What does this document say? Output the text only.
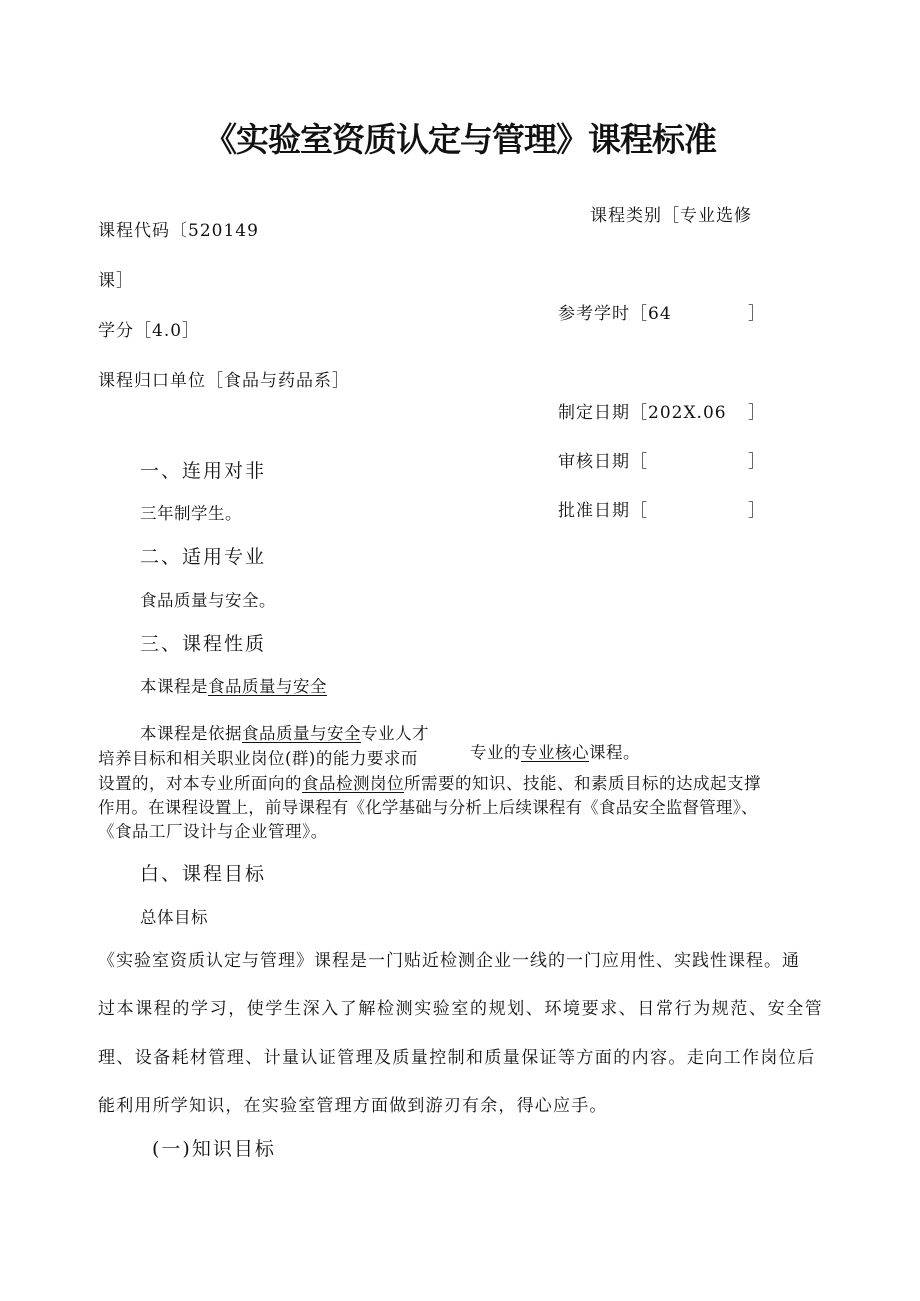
《实验室资质认定与管理》课程标准
课程类别［专业选修
课程代码〔520149
课］
学分［4.0］
参考学时［64	］
课程归口单位［食品与药品系］
制定日期［202X.06 ］
审核日期［	］
批准日期［	］
一、连用对非
三年制学生。
二、适用专业
食品质量与安全。
三、课程性质
本课程是食品质量与安全
本课程是依据食品质量与安全专业人才
培养目标和相关职业岗位(群)的能力要求而	专业的专业核心课程。
设置的，对本专业所面向的食品检测岗位所需要的知识、技能、和素质目标的达成起支撑
作用。在课程设置上，前导课程有《化学基础与分析上后续课程有《食品安全监督管理》、
《食品工厂设计与企业管理》。
白、课程目标
总体目标
《实验室资质认定与管理》课程是一门贴近检测企业一线的一门应用性、实践性课程。通
过本课程的学习，使学生深入了解检测实验室的规划、环境要求、日常行为规范、安全管
理、设备耗材管理、计量认证管理及质量控制和质量保证等方面的内容。走向工作岗位后
能利用所学知识，在实验室管理方面做到游刃有余，得心应手。
(一)知识目标
